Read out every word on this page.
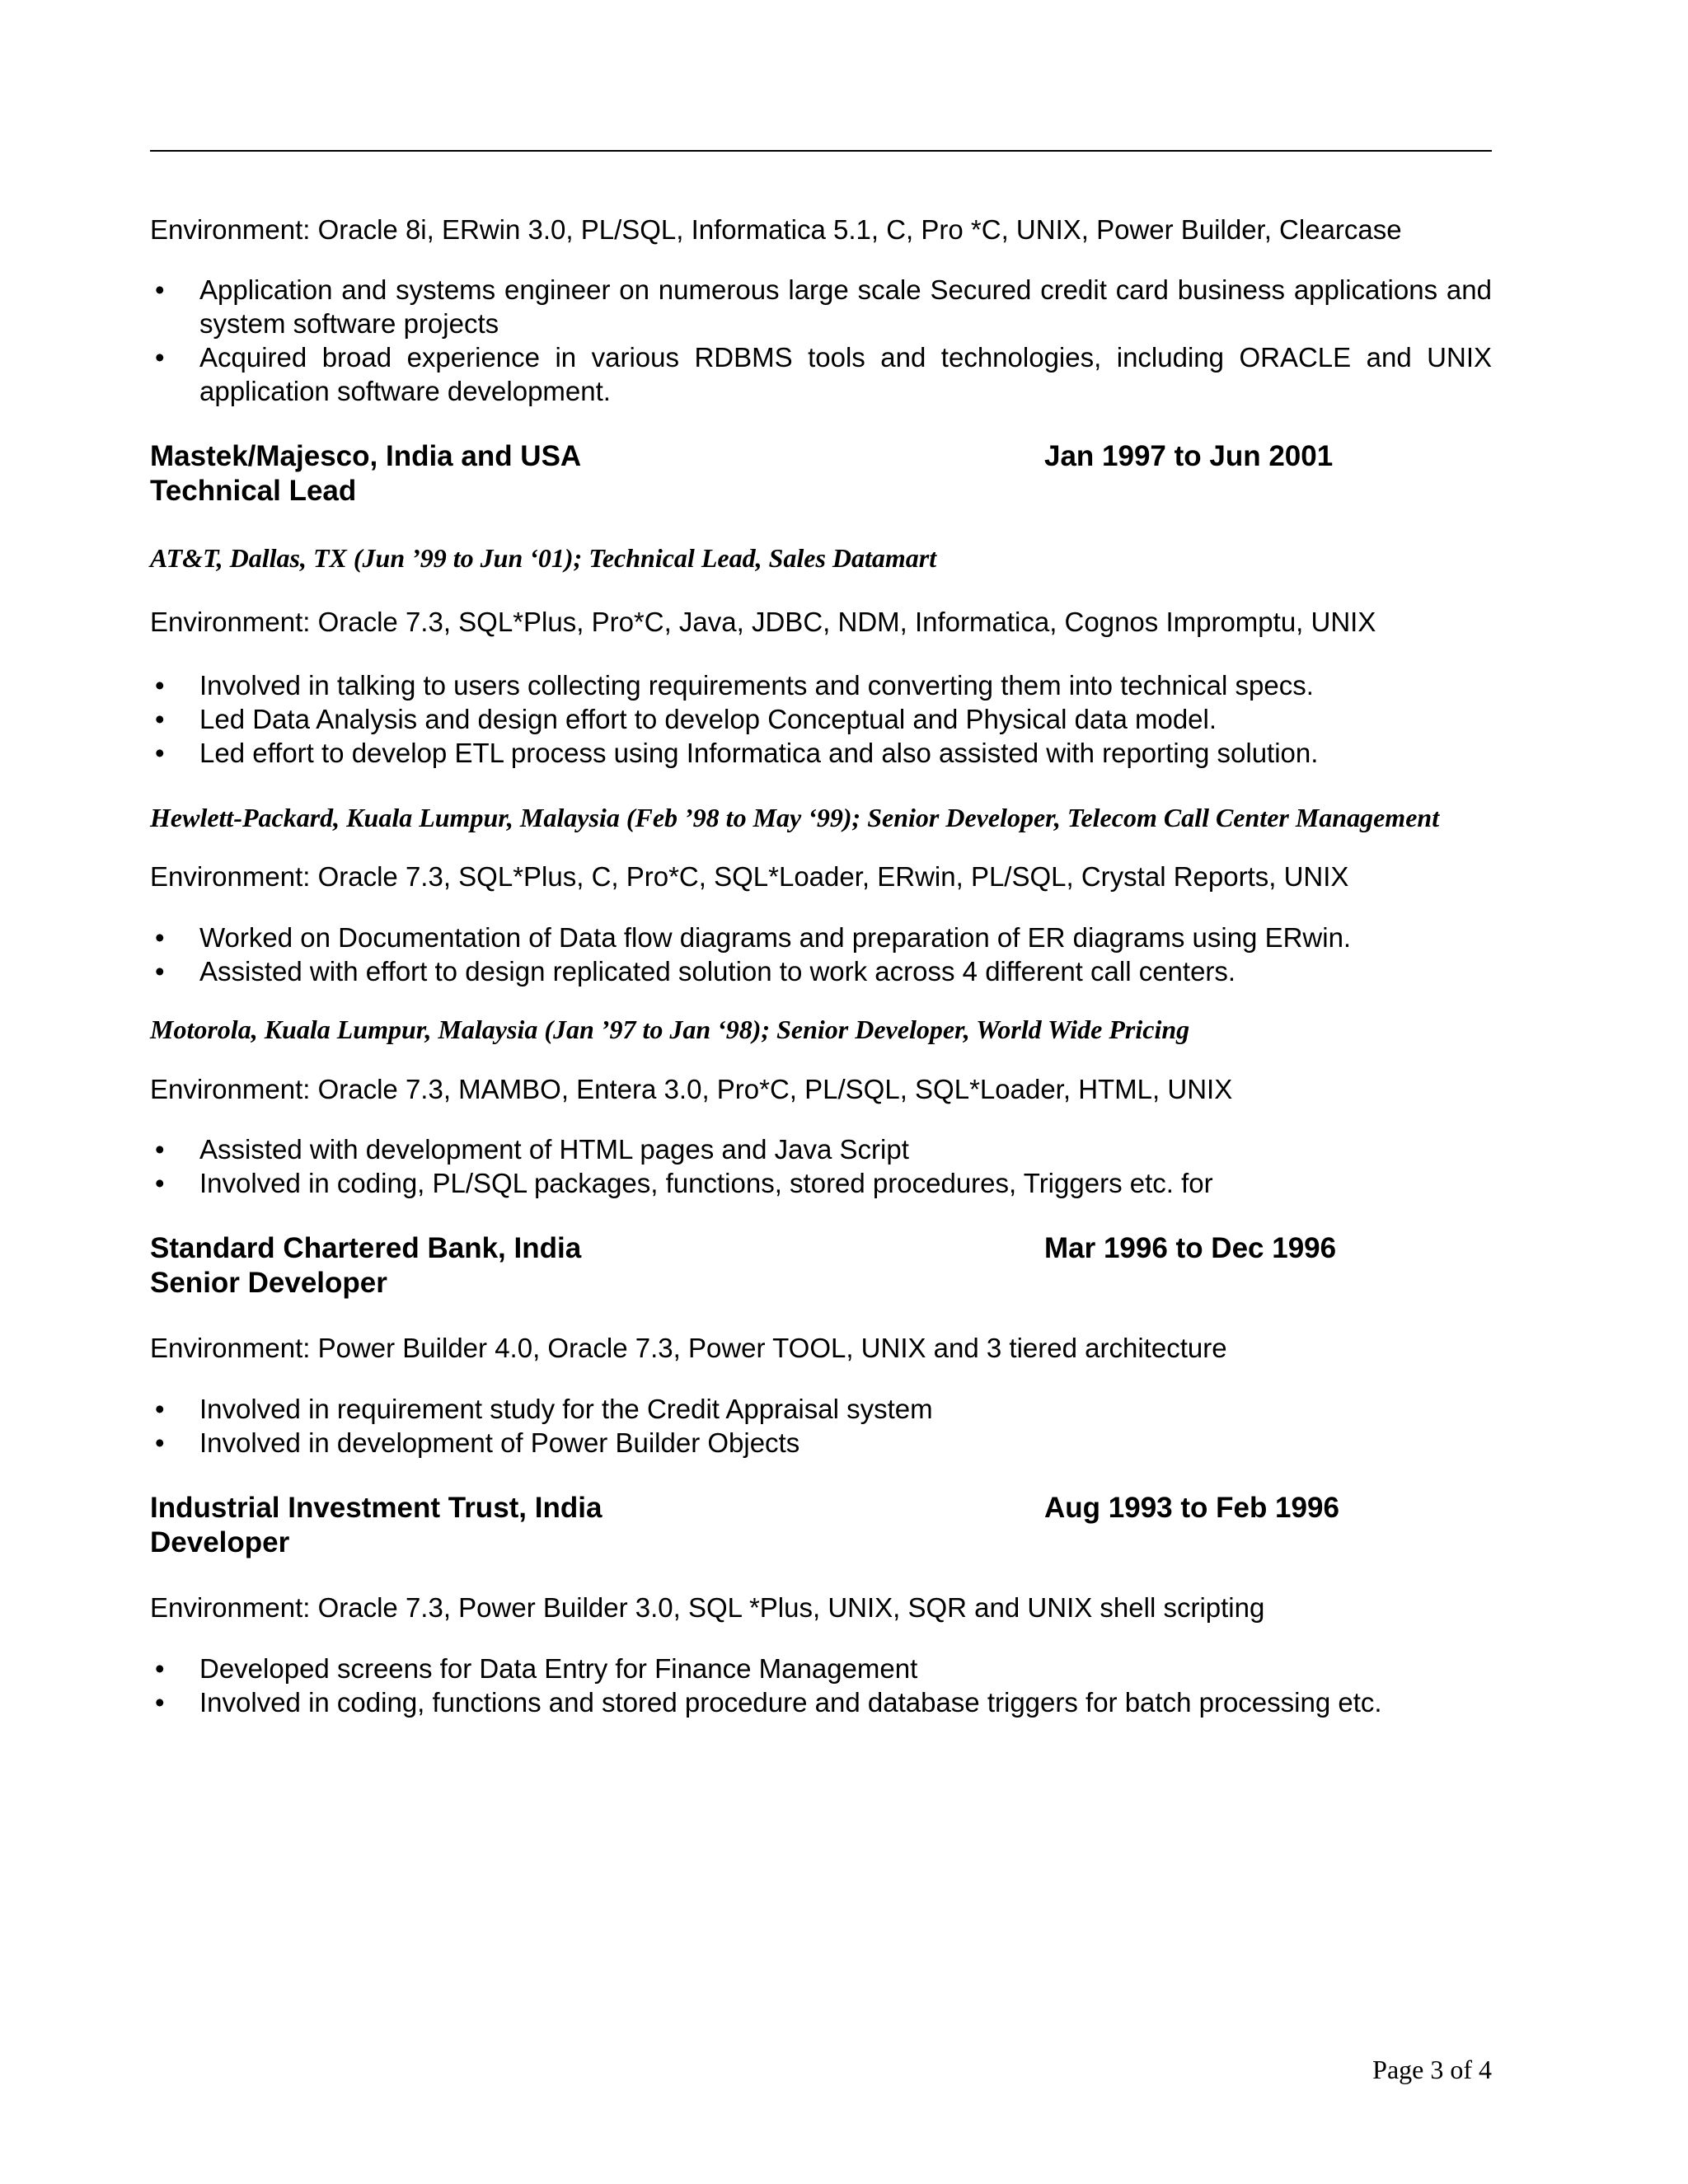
Environment: Oracle 8i, ERwin 3.0, PL/SQL, Informatica 5.1, C, Pro *C, UNIX, Power Builder, Clearcase

• Application and systems engineer on numerous large scale Secured credit card business applications and system software projects
• Acquired broad experience in various RDBMS tools and technologies, including ORACLE and UNIX application software development.
Mastek/Majesco, India and USA	Jan 1997 to Jun 2001

Technical Lead

AT&T, Dallas, TX (Jun ’99 to Jun ‘01); Technical Lead, Sales Datamart

Environment: Oracle 7.3, SQL*Plus, Pro*C, Java, JDBC, NDM, Informatica, Cognos Impromptu, UNIX

• Involved in talking to users collecting requirements and converting them into technical specs.
• Led Data Analysis and design effort to develop Conceptual and Physical data model.
• Led effort to develop ETL process using Informatica and also assisted with reporting solution.

Hewlett-Packard, Kuala Lumpur, Malaysia (Feb ’98 to May ‘99); Senior Developer, Telecom Call Center Management

Environment: Oracle 7.3, SQL*Plus, C, Pro*C, SQL*Loader, ERwin, PL/SQL, Crystal Reports, UNIX

• Worked on Documentation of Data flow diagrams and preparation of ER diagrams using ERwin.
• Assisted with effort to design replicated solution to work across 4 different call centers.

Motorola, Kuala Lumpur, Malaysia (Jan ’97 to Jan ‘98); Senior Developer, World Wide Pricing

Environment: Oracle 7.3, MAMBO, Entera 3.0, Pro*C, PL/SQL, SQL*Loader, HTML, UNIX

• Assisted with development of HTML pages and Java Script
• Involved in coding, PL/SQL packages, functions, stored procedures, Triggers etc. for
Standard Chartered Bank, India	Mar 1996 to Dec 1996

Senior Developer

Environment: Power Builder 4.0, Oracle 7.3, Power TOOL, UNIX and 3 tiered architecture

• Involved in requirement study for the Credit Appraisal system
• Involved in development of Power Builder Objects
Industrial Investment Trust, India	Aug 1993 to Feb 1996

Developer

Environment: Oracle 7.3, Power Builder 3.0, SQL *Plus, UNIX, SQR and UNIX shell scripting

• Developed screens for Data Entry for Finance Management
• Involved in coding, functions and stored procedure and database triggers for batch processing etc.
Page 3 of 4
